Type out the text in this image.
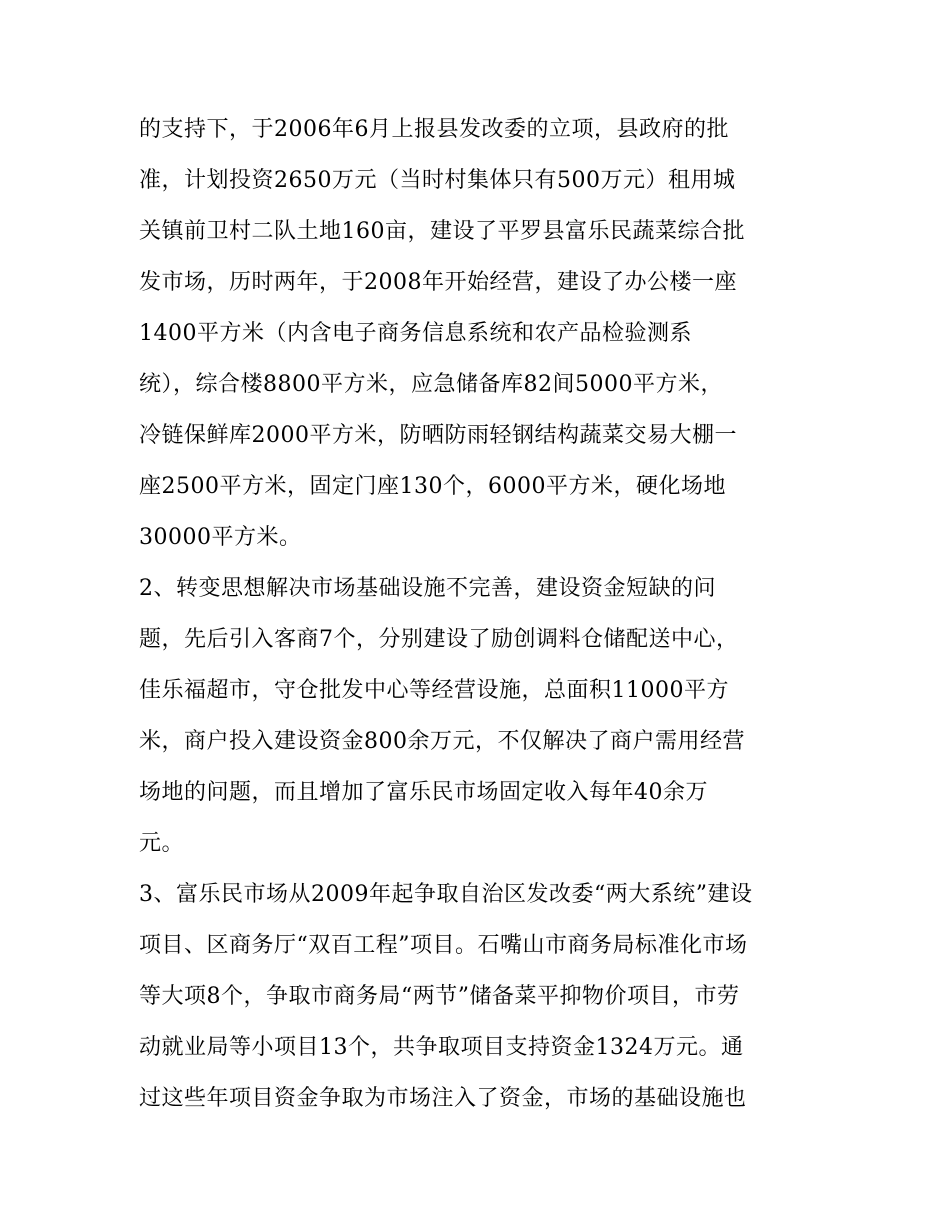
的支持下，于2006年6月上报县发改委的立项，县政府的批
准，计划投资2650万元（当时村集体只有500万元）租用城
关镇前卫村二队土地160亩，建设了平罗县富乐民蔬菜综合批
发市场，历时两年，于2008年开始经营，建设了办公楼一座
1400平方米（内含电子商务信息系统和农产品检验测系
统），综合楼8800平方米，应急储备库82间5000平方米，
冷链保鲜库2000平方米，防晒防雨轻钢结构蔬菜交易大棚一
座2500平方米，固定门座130个，6000平方米，硬化场地
30000平方米。
2、转变思想解决市场基础设施不完善，建设资金短缺的问
题，先后引入客商7个，分别建设了励创调料仓储配送中心，
佳乐福超市，守仓批发中心等经营设施，总面积11000平方
米，商户投入建设资金800余万元，不仅解决了商户需用经营
场地的问题，而且增加了富乐民市场固定收入每年40余万
元。
3、富乐民市场从2009年起争取自治区发改委“两大系统”建设
项目、区商务厅“双百工程”项目。石嘴山市商务局标准化市场
等大项8个，争取市商务局“两节”储备菜平抑物价项目，市劳
动就业局等小项目13个，共争取项目支持资金1324万元。通
过这些年项目资金争取为市场注入了资金，市场的基础设施也
